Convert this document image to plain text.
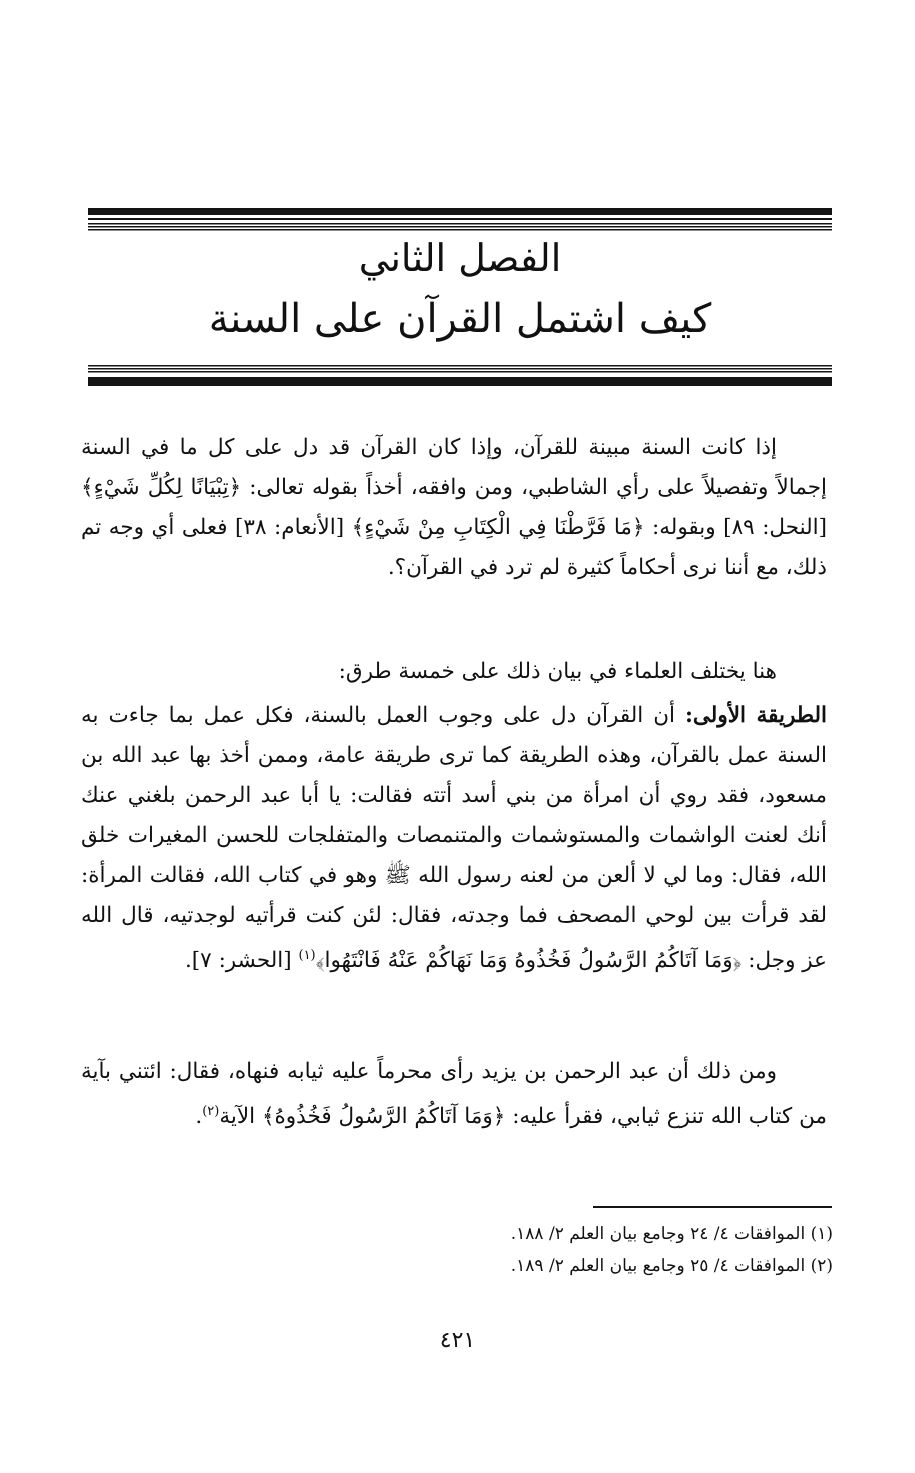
الفصل الثاني
كيف اشتمل القرآن على السنة

إذا كانت السنة مبينة للقرآن، وإذا كان القرآن قد دل على كل ما في السنة إجمالاً وتفصيلاً على رأي الشاطبي، ومن وافقه، أخذاً بقوله تعالى: ﴿تِبْيَانًا لِكُلِّ شَيْءٍ﴾ [النحل: ٨٩] وبقوله: ﴿مَا فَرَّطْنَا فِي الْكِتَابِ مِنْ شَيْءٍ﴾ [الأنعام: ٣٨] فعلى أي وجه تم ذلك، مع أننا نرى أحكاماً كثيرة لم ترد في القرآن؟.

هنا يختلف العلماء في بيان ذلك على خمسة طرق:

الطريقة الأولى: أن القرآن دل على وجوب العمل بالسنة، فكل عمل بما جاءت به السنة عمل بالقرآن، وهذه الطريقة كما ترى طريقة عامة، وممن أخذ بها عبد الله بن مسعود، فقد روي أن امرأة من بني أسد أتته فقالت: يا أبا عبد الرحمن بلغني عنك أنك لعنت الواشمات والمستوشمات والمتنمصات والمتفلجات للحسن المغيرات خلق الله، فقال: وما لي لا ألعن من لعنه رسول الله ﷺ وهو في كتاب الله، فقالت المرأة: لقد قرأت بين لوحي المصحف فما وجدته، فقال: لئن كنت قرأتيه لوجدتيه، قال الله عز وجل: ﴿وَمَا آتَاكُمُ الرَّسُولُ فَخُذُوهُ وَمَا نَهَاكُمْ عَنْهُ فَانْتَهُوا﴾$^{(١)}$ [الحشر: ٧].

ومن ذلك أن عبد الرحمن بن يزيد رأى محرماً عليه ثيابه فنهاه، فقال: ائتني بآية من كتاب الله تنزع ثيابي، فقرأ عليه: ﴿وَمَا آتَاكُمُ الرَّسُولُ فَخُذُوهُ﴾ الآية$^{(٢)}$.

(١) الموافقات ٤/ ٢٤ وجامع بيان العلم ٢/ ١٨٨.
(٢) الموافقات ٤/ ٢٥ وجامع بيان العلم ٢/ ١٨٩.
٤٢١
